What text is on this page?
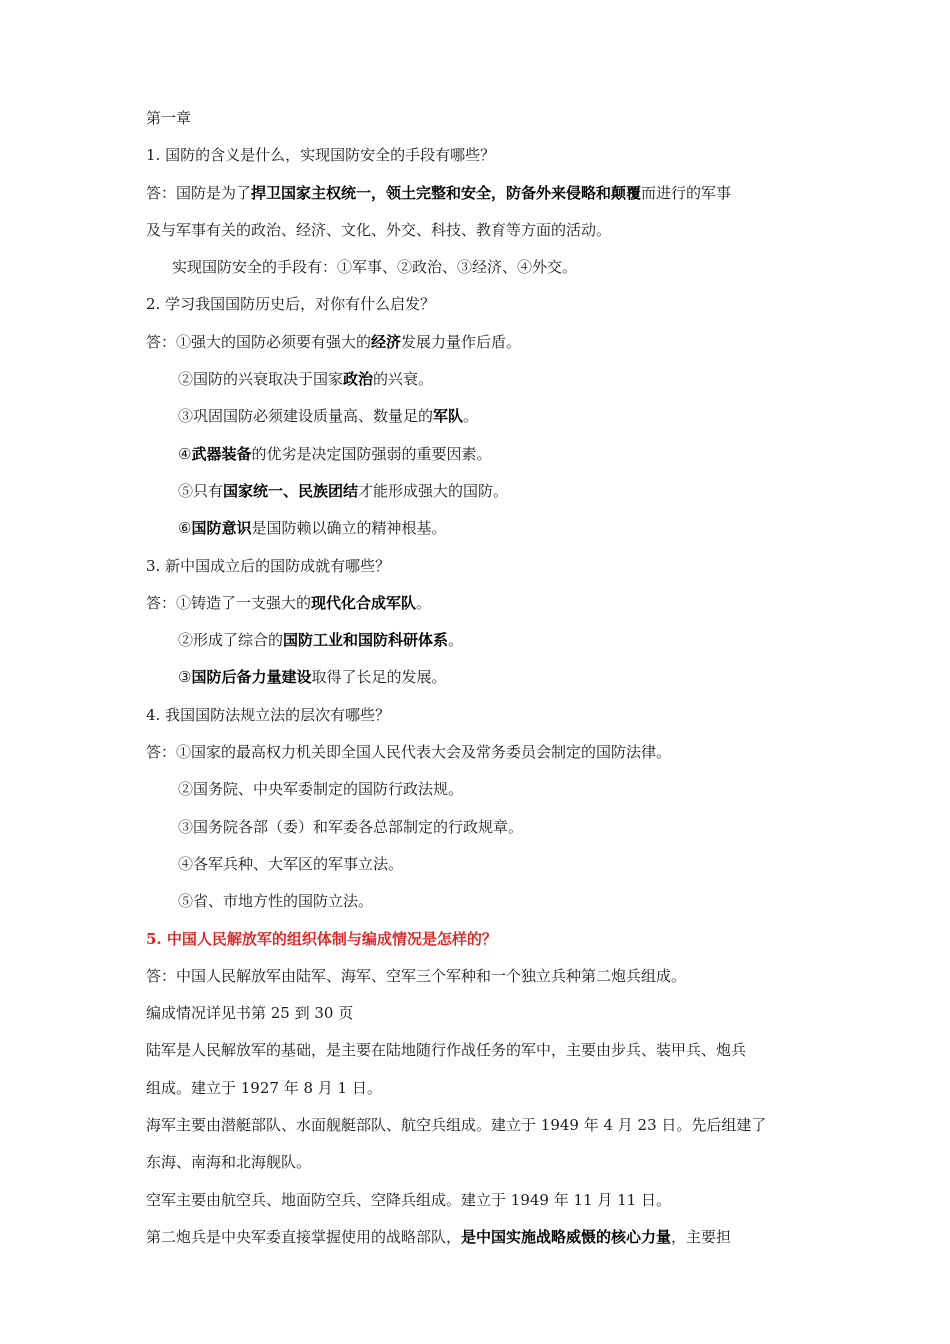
第一章
1. 国防的含义是什么，实现国防安全的手段有哪些？
答：国防是为了捍卫国家主权统一，领土完整和安全，防备外来侵略和颠覆而进行的军事
及与军事有关的政治、经济、文化、外交、科技、教育等方面的活动。
实现国防安全的手段有：①军事、②政治、③经济、④外交。
2. 学习我国国防历史后，对你有什么启发？
答：①强大的国防必须要有强大的经济发展力量作后盾。
②国防的兴衰取决于国家政治的兴衰。
③巩固国防必须建设质量高、数量足的军队。
④武器装备的优劣是决定国防强弱的重要因素。
⑤只有国家统一、民族团结才能形成强大的国防。
⑥国防意识是国防赖以确立的精神根基。
3. 新中国成立后的国防成就有哪些？
答：①铸造了一支强大的现代化合成军队。
②形成了综合的国防工业和国防科研体系。
③国防后备力量建设取得了长足的发展。
4. 我国国防法规立法的层次有哪些？
答：①国家的最高权力机关即全国人民代表大会及常务委员会制定的国防法律。
②国务院、中央军委制定的国防行政法规。
③国务院各部（委）和军委各总部制定的行政规章。
④各军兵种、大军区的军事立法。
⑤省、市地方性的国防立法。
5. 中国人民解放军的组织体制与编成情况是怎样的？
答：中国人民解放军由陆军、海军、空军三个军种和一个独立兵种第二炮兵组成。
编成情况详见书第 25 到 30 页
陆军是人民解放军的基础，是主要在陆地随行作战任务的军中，主要由步兵、装甲兵、炮兵
组成。建立于 1927 年 8 月 1 日。
海军主要由潜艇部队、水面舰艇部队、航空兵组成。建立于 1949 年 4 月 23 日。先后组建了
东海、南海和北海舰队。
空军主要由航空兵、地面防空兵、空降兵组成。建立于 1949 年 11 月 11 日。
第二炮兵是中央军委直接掌握使用的战略部队，是中国实施战略威慑的核心力量，主要担
